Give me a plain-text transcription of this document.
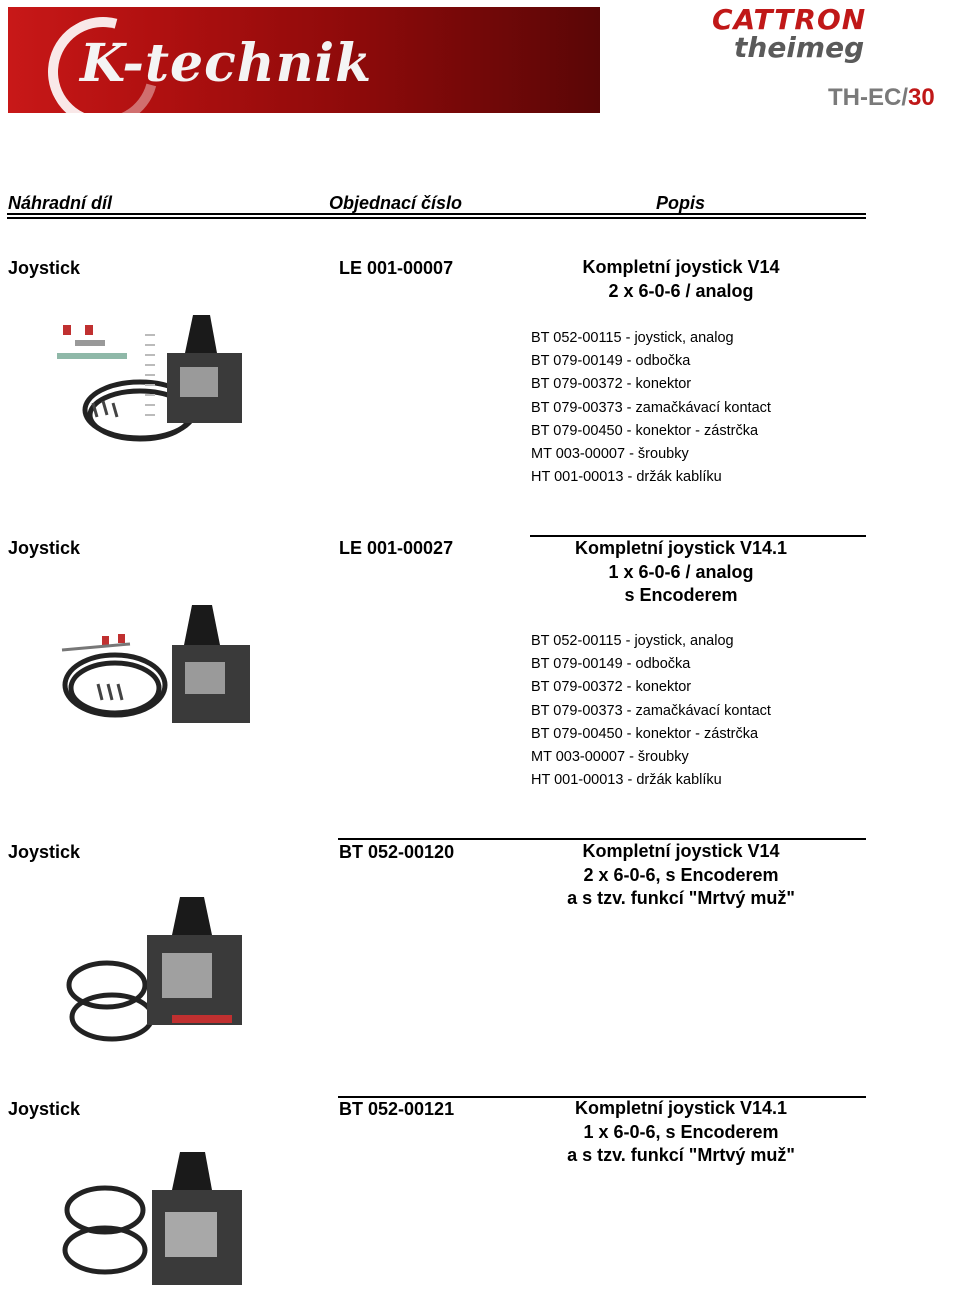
K-technik
CATTRON
theimeg
TH-EC/30
Náhradní díl	Objednací číslo	Popis
Joystick	LE 001-00007	Kompletní joystick V14
2 x 6-0-6 / analog
BT 052-00115 - joystick, analog
BT 079-00149 - odbočka
BT 079-00372 - konektor
BT 079-00373 - zamačkávací kontact
BT 079-00450 - konektor - zástrčka
MT 003-00007 - šroubky
HT 001-00013 - držák kablíku
Joystick	LE 001-00027	Kompletní joystick V14.1
1 x 6-0-6 / analog
s Encoderem
BT 052-00115 - joystick, analog
BT 079-00149 - odbočka
BT 079-00372 - konektor
BT 079-00373 - zamačkávací kontact
BT 079-00450 - konektor - zástrčka
MT 003-00007 - šroubky
HT 001-00013 - držák kablíku
Joystick	BT 052-00120	Kompletní joystick V14
2 x 6-0-6, s Encoderem
a s tzv. funkcí "Mrtvý muž"
Joystick	BT 052-00121	Kompletní joystick V14.1
1 x 6-0-6, s Encoderem
a s tzv. funkcí "Mrtvý muž"
